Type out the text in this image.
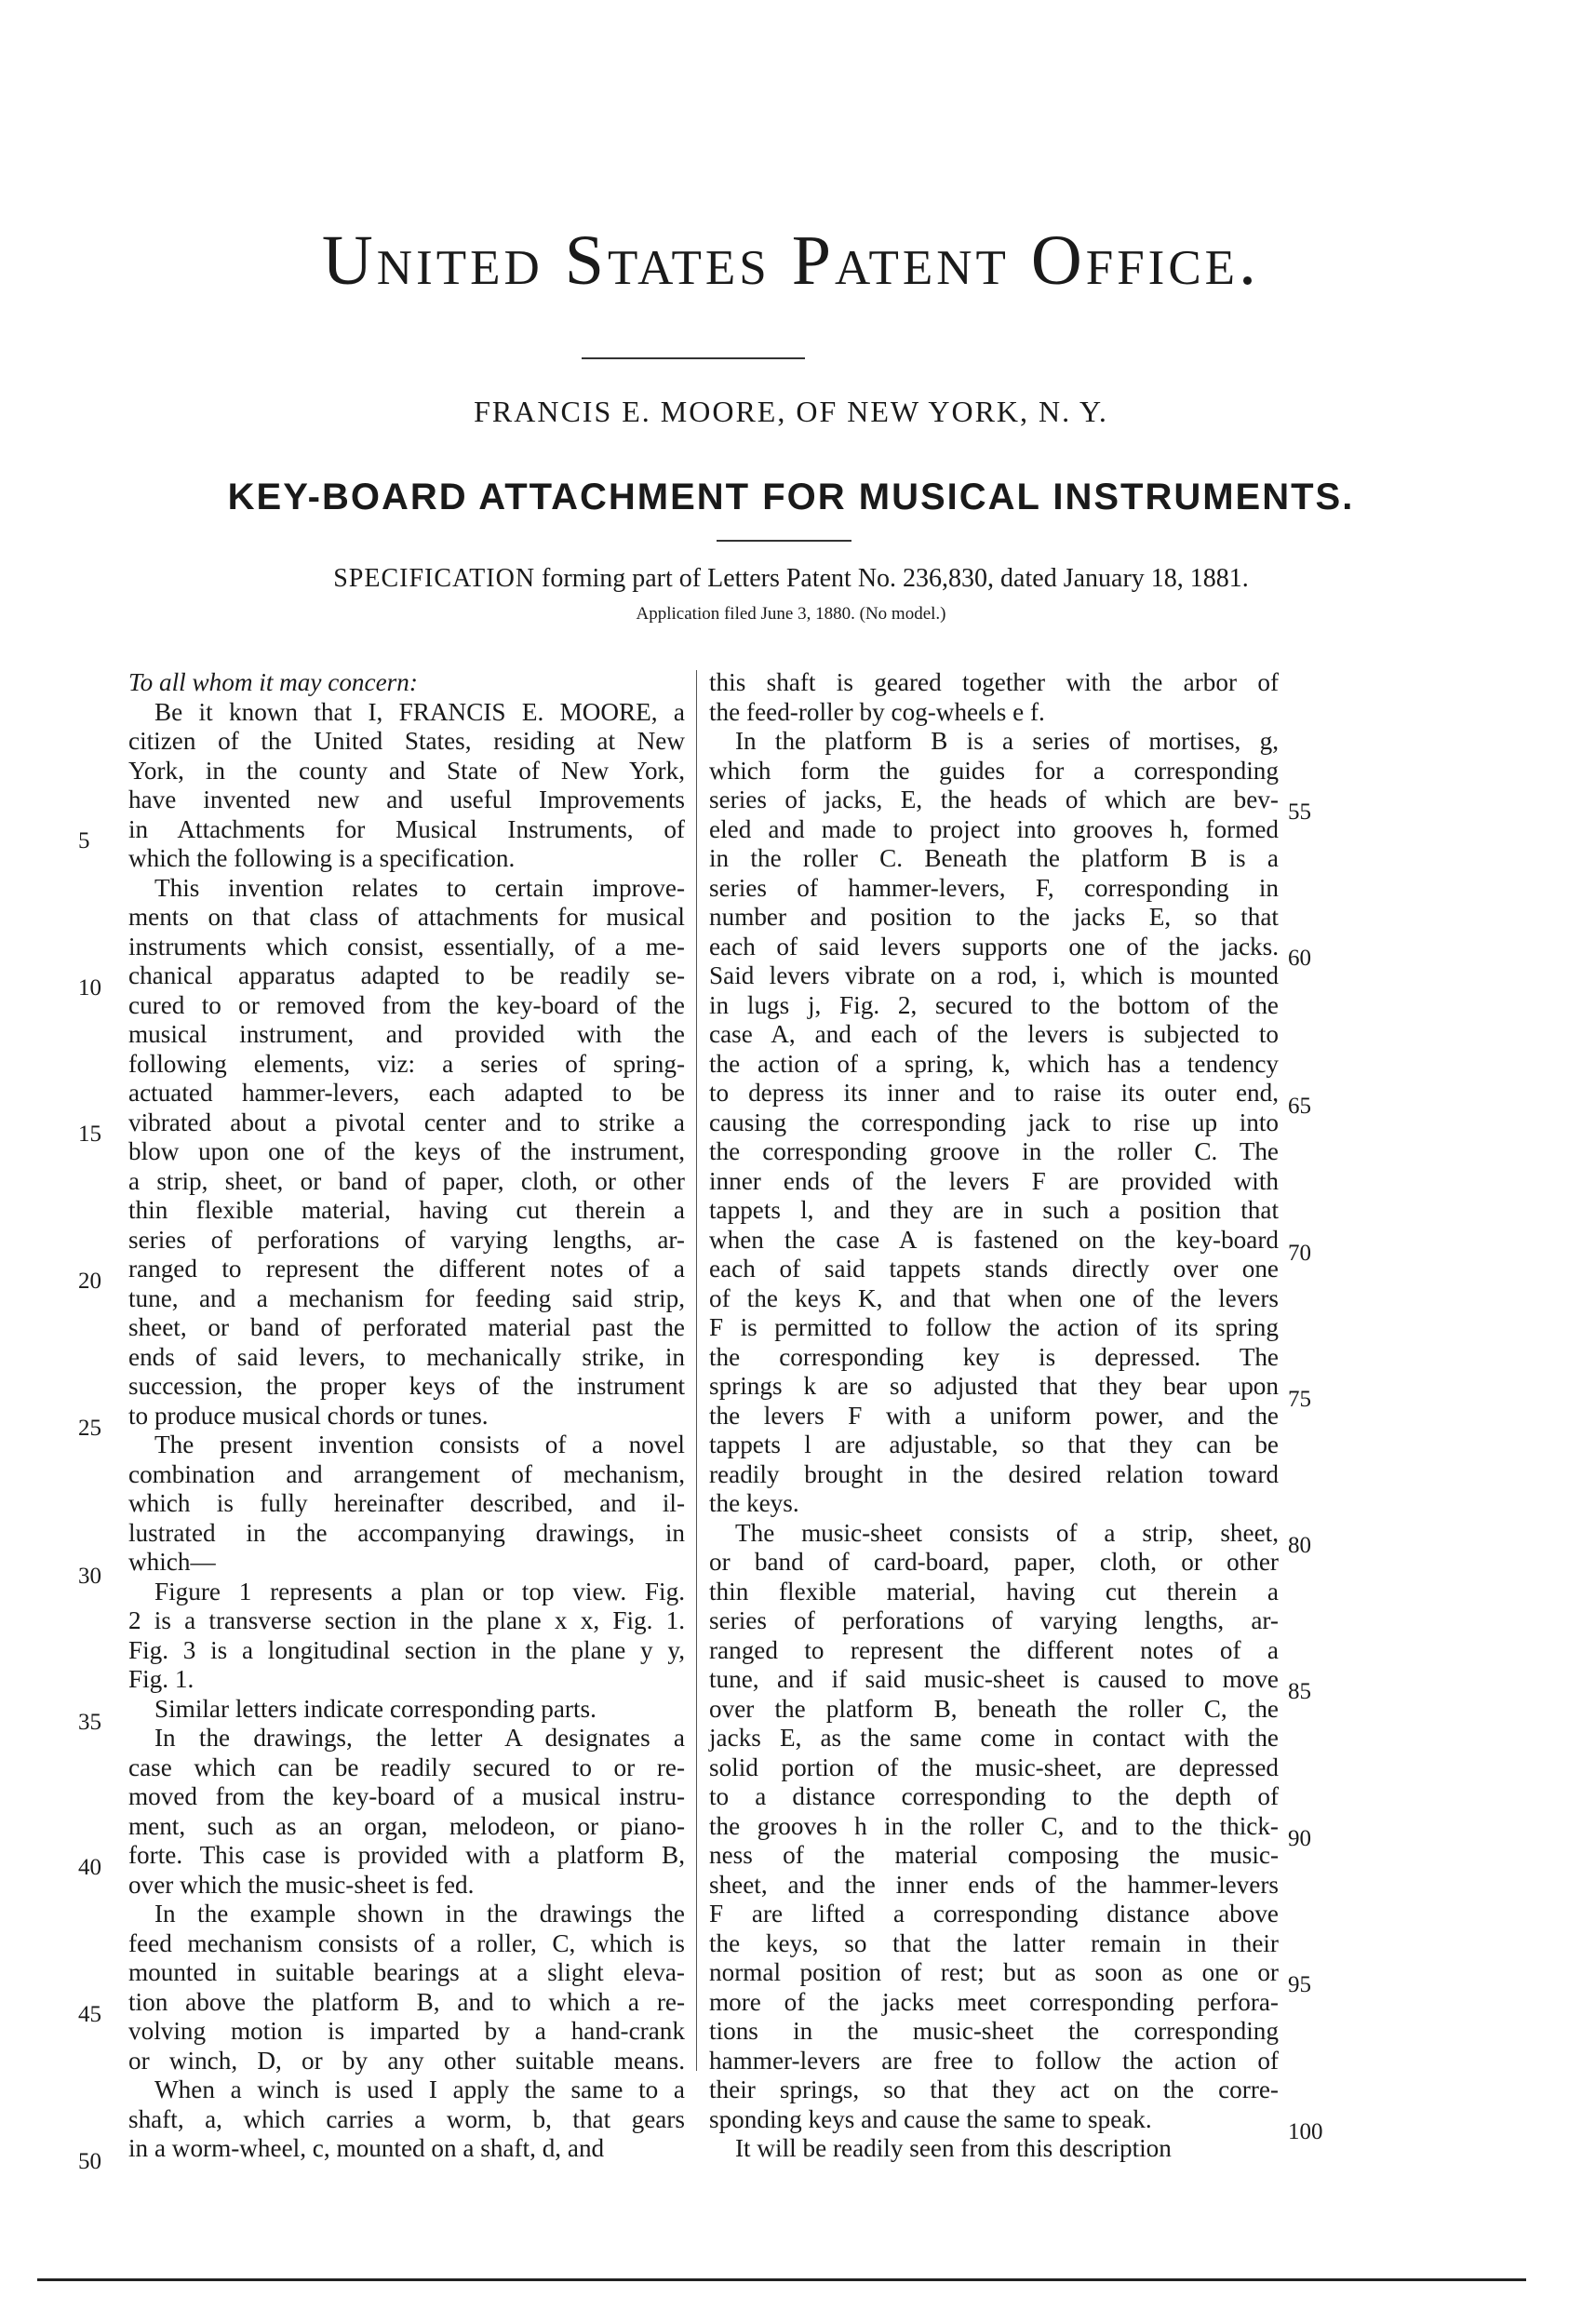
United States Patent Office.
FRANCIS E. MOORE, OF NEW YORK, N. Y.
KEY-BOARD ATTACHMENT FOR MUSICAL INSTRUMENTS.
SPECIFICATION forming part of Letters Patent No. 236,830, dated January 18, 1881.
Application filed June 3, 1880. (No model.)

To all whom it may concern:

Be it known that I, FRANCIS E. MOORE, a

citizen of the United States, residing at New

York, in the county and State of New York,

have invented new and useful Improvements

in Attachments for Musical Instruments, of

which the following is a specification.

This invention relates to certain improve-

ments on that class of attachments for musical

instruments which consist, essentially, of a me-

chanical apparatus adapted to be readily se-

cured to or removed from the key-board of the

musical instrument, and provided with the

following elements, viz: a series of spring-

actuated hammer-levers, each adapted to be

vibrated about a pivotal center and to strike a

blow upon one of the keys of the instrument,

a strip, sheet, or band of paper, cloth, or other

thin flexible material, having cut therein a

series of perforations of varying lengths, ar-

ranged to represent the different notes of a

tune, and a mechanism for feeding said strip,

sheet, or band of perforated material past the

ends of said levers, to mechanically strike, in

succession, the proper keys of the instrument

to produce musical chords or tunes.

The present invention consists of a novel

combination and arrangement of mechanism,

which is fully hereinafter described, and il-

lustrated in the accompanying drawings, in

which—

Figure 1 represents a plan or top view. Fig.

2 is a transverse section in the plane x x, Fig. 1.

Fig. 3 is a longitudinal section in the plane y y,

Fig. 1.

Similar letters indicate corresponding parts.

In the drawings, the letter A designates a

case which can be readily secured to or re-

moved from the key-board of a musical instru-

ment, such as an organ, melodeon, or piano-

forte. This case is provided with a platform B,

over which the music-sheet is fed.

In the example shown in the drawings the

feed mechanism consists of a roller, C, which is

mounted in suitable bearings at a slight eleva-

tion above the platform B, and to which a re-

volving motion is imparted by a hand-crank

or winch, D, or by any other suitable means.

When a winch is used I apply the same to a

shaft, a, which carries a worm, b, that gears

in a worm-wheel, c, mounted on a shaft, d, and

this shaft is geared together with the arbor of

the feed-roller by cog-wheels e f.

In the platform B is a series of mortises, g,

which form the guides for a corresponding

series of jacks, E, the heads of which are bev-

eled and made to project into grooves h, formed

in the roller C. Beneath the platform B is a

series of hammer-levers, F, corresponding in

number and position to the jacks E, so that

each of said levers supports one of the jacks.

Said levers vibrate on a rod, i, which is mounted

in lugs j, Fig. 2, secured to the bottom of the

case A, and each of the levers is subjected to

the action of a spring, k, which has a tendency

to depress its inner and to raise its outer end,

causing the corresponding jack to rise up into

the corresponding groove in the roller C. The

inner ends of the levers F are provided with

tappets l, and they are in such a position that

when the case A is fastened on the key-board

each of said tappets stands directly over one

of the keys K, and that when one of the levers

F is permitted to follow the action of its spring

the corresponding key is depressed. The

springs k are so adjusted that they bear upon

the levers F with a uniform power, and the

tappets l are adjustable, so that they can be

readily brought in the desired relation toward

the keys.

The music-sheet consists of a strip, sheet,

or band of card-board, paper, cloth, or other

thin flexible material, having cut therein a

series of perforations of varying lengths, ar-

ranged to represent the different notes of a

tune, and if said music-sheet is caused to move

over the platform B, beneath the roller C, the

jacks E, as the same come in contact with the

solid portion of the music-sheet, are depressed

to a distance corresponding to the depth of

the grooves h in the roller C, and to the thick-

ness of the material composing the music-

sheet, and the inner ends of the hammer-levers

F are lifted a corresponding distance above

the keys, so that the latter remain in their

normal position of rest; but as soon as one or

more of the jacks meet corresponding perfora-

tions in the music-sheet the corresponding

hammer-levers are free to follow the action of

their springs, so that they act on the corre-

sponding keys and cause the same to speak.

It will be readily seen from this description

5
10
15
20
25
30
35
40
45
50
55
60
65
70
75
80
85
90
95
100
